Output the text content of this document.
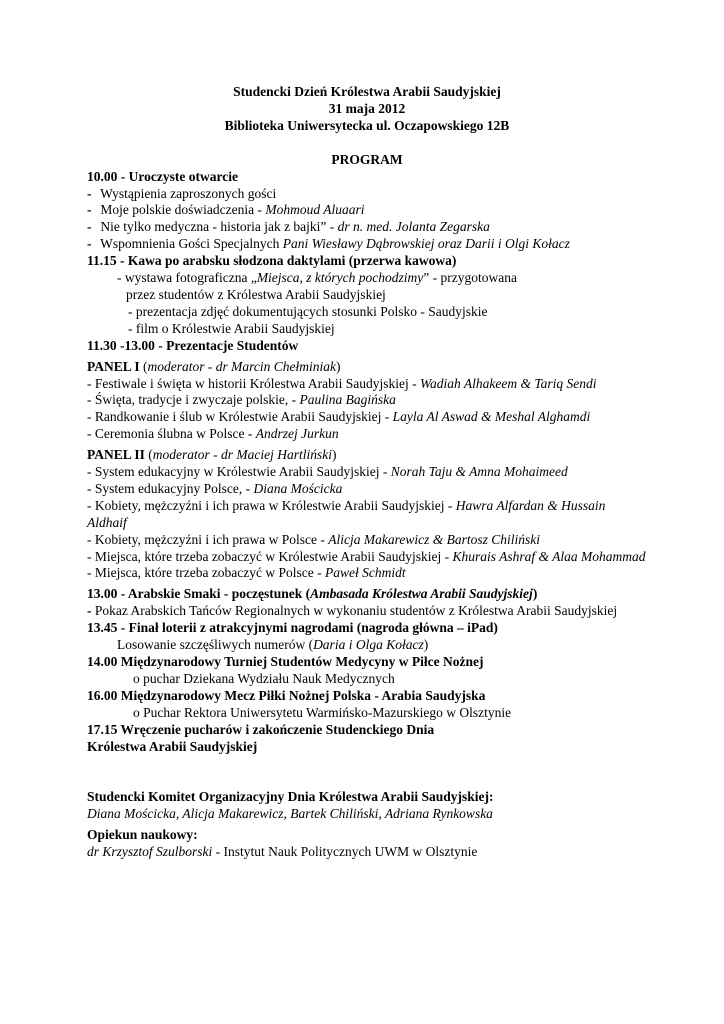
Studencki Dzień Królestwa Arabii Saudyjskiej
31 maja 2012
Biblioteka Uniwersytecka ul. Oczapowskiego 12B
PROGRAM
10.00 - Uroczyste otwarcie
- Wystąpienia zaproszonych gości
- Moje polskie doświadczenia - Mohmoud Aluaari
- Nie tylko medyczna - historia jak z bajki” - dr n. med. Jolanta Zegarska
- Wspomnienia Gości Specjalnych Pani Wiesławy Dąbrowskiej oraz Darii i Olgi Kołacz
11.15 - Kawa po arabsku słodzona daktylami (przerwa kawowa)
- wystawa fotograficzna „Miejsca, z których pochodzimy” - przygotowana
przez studentów z Królestwa Arabii Saudyjskiej
- prezentacja zdjęć dokumentujących stosunki Polsko - Saudyjskie
- film o Królestwie Arabii Saudyjskiej
11.30 -13.00 - Prezentacje Studentów
PANEL I (moderator - dr Marcin Chełminiak)
- Festiwale i święta w historii Królestwa Arabii Saudyjskiej - Wadiah Alhakeem & Tariq Sendi
- Święta, tradycje i zwyczaje polskie, - Paulina Bagińska
- Randkowanie i ślub w Królestwie Arabii Saudyjskiej - Layla Al Aswad & Meshal Alghamdi
- Ceremonia ślubna w Polsce - Andrzej Jurkun
PANEL II (moderator - dr Maciej Hartliński)
- System edukacyjny w Królestwie Arabii Saudyjskiej - Norah Taju & Amna Mohaimeed
- System edukacyjny Polsce, - Diana Mościcka
- Kobiety, mężczyźni i ich prawa w Królestwie Arabii Saudyjskiej - Hawra Alfardan & Hussain Aldhaif
- Kobiety, mężczyźni i ich prawa w Polsce - Alicja Makarewicz & Bartosz Chiliński
- Miejsca, które trzeba zobaczyć w Królestwie Arabii Saudyjskiej - Khurais Ashraf & Alaa Mohammad
- Miejsca, które trzeba zobaczyć w Polsce - Paweł Schmidt
13.00 - Arabskie Smaki - poczęstunek (Ambasada Królestwa Arabii Saudyjskiej)
- Pokaz Arabskich Tańców Regionalnych w wykonaniu studentów z Królestwa Arabii Saudyjskiej
13.45 - Finał loterii z atrakcyjnymi nagrodami (nagroda główna – iPad)
Losowanie szczęśliwych numerów (Daria i Olga Kołacz)
14.00 Międzynarodowy Turniej Studentów Medycyny w Piłce Nożnej
o puchar Dziekana Wydziału Nauk Medycznych
16.00 Międzynarodowy Mecz Piłki Nożnej Polska - Arabia Saudyjska
o Puchar Rektora Uniwersytetu Warmińsko-Mazurskiego w Olsztynie
17.15 Wręczenie pucharów i zakończenie Studenckiego Dnia
Królestwa Arabii Saudyjskiej
Studencki Komitet Organizacyjny Dnia Królestwa Arabii Saudyjskiej:
Diana Mościcka, Alicja Makarewicz, Bartek Chiliński, Adriana Rynkowska
Opiekun naukowy:
dr Krzysztof Szulborski - Instytut Nauk Politycznych UWM w Olsztynie
